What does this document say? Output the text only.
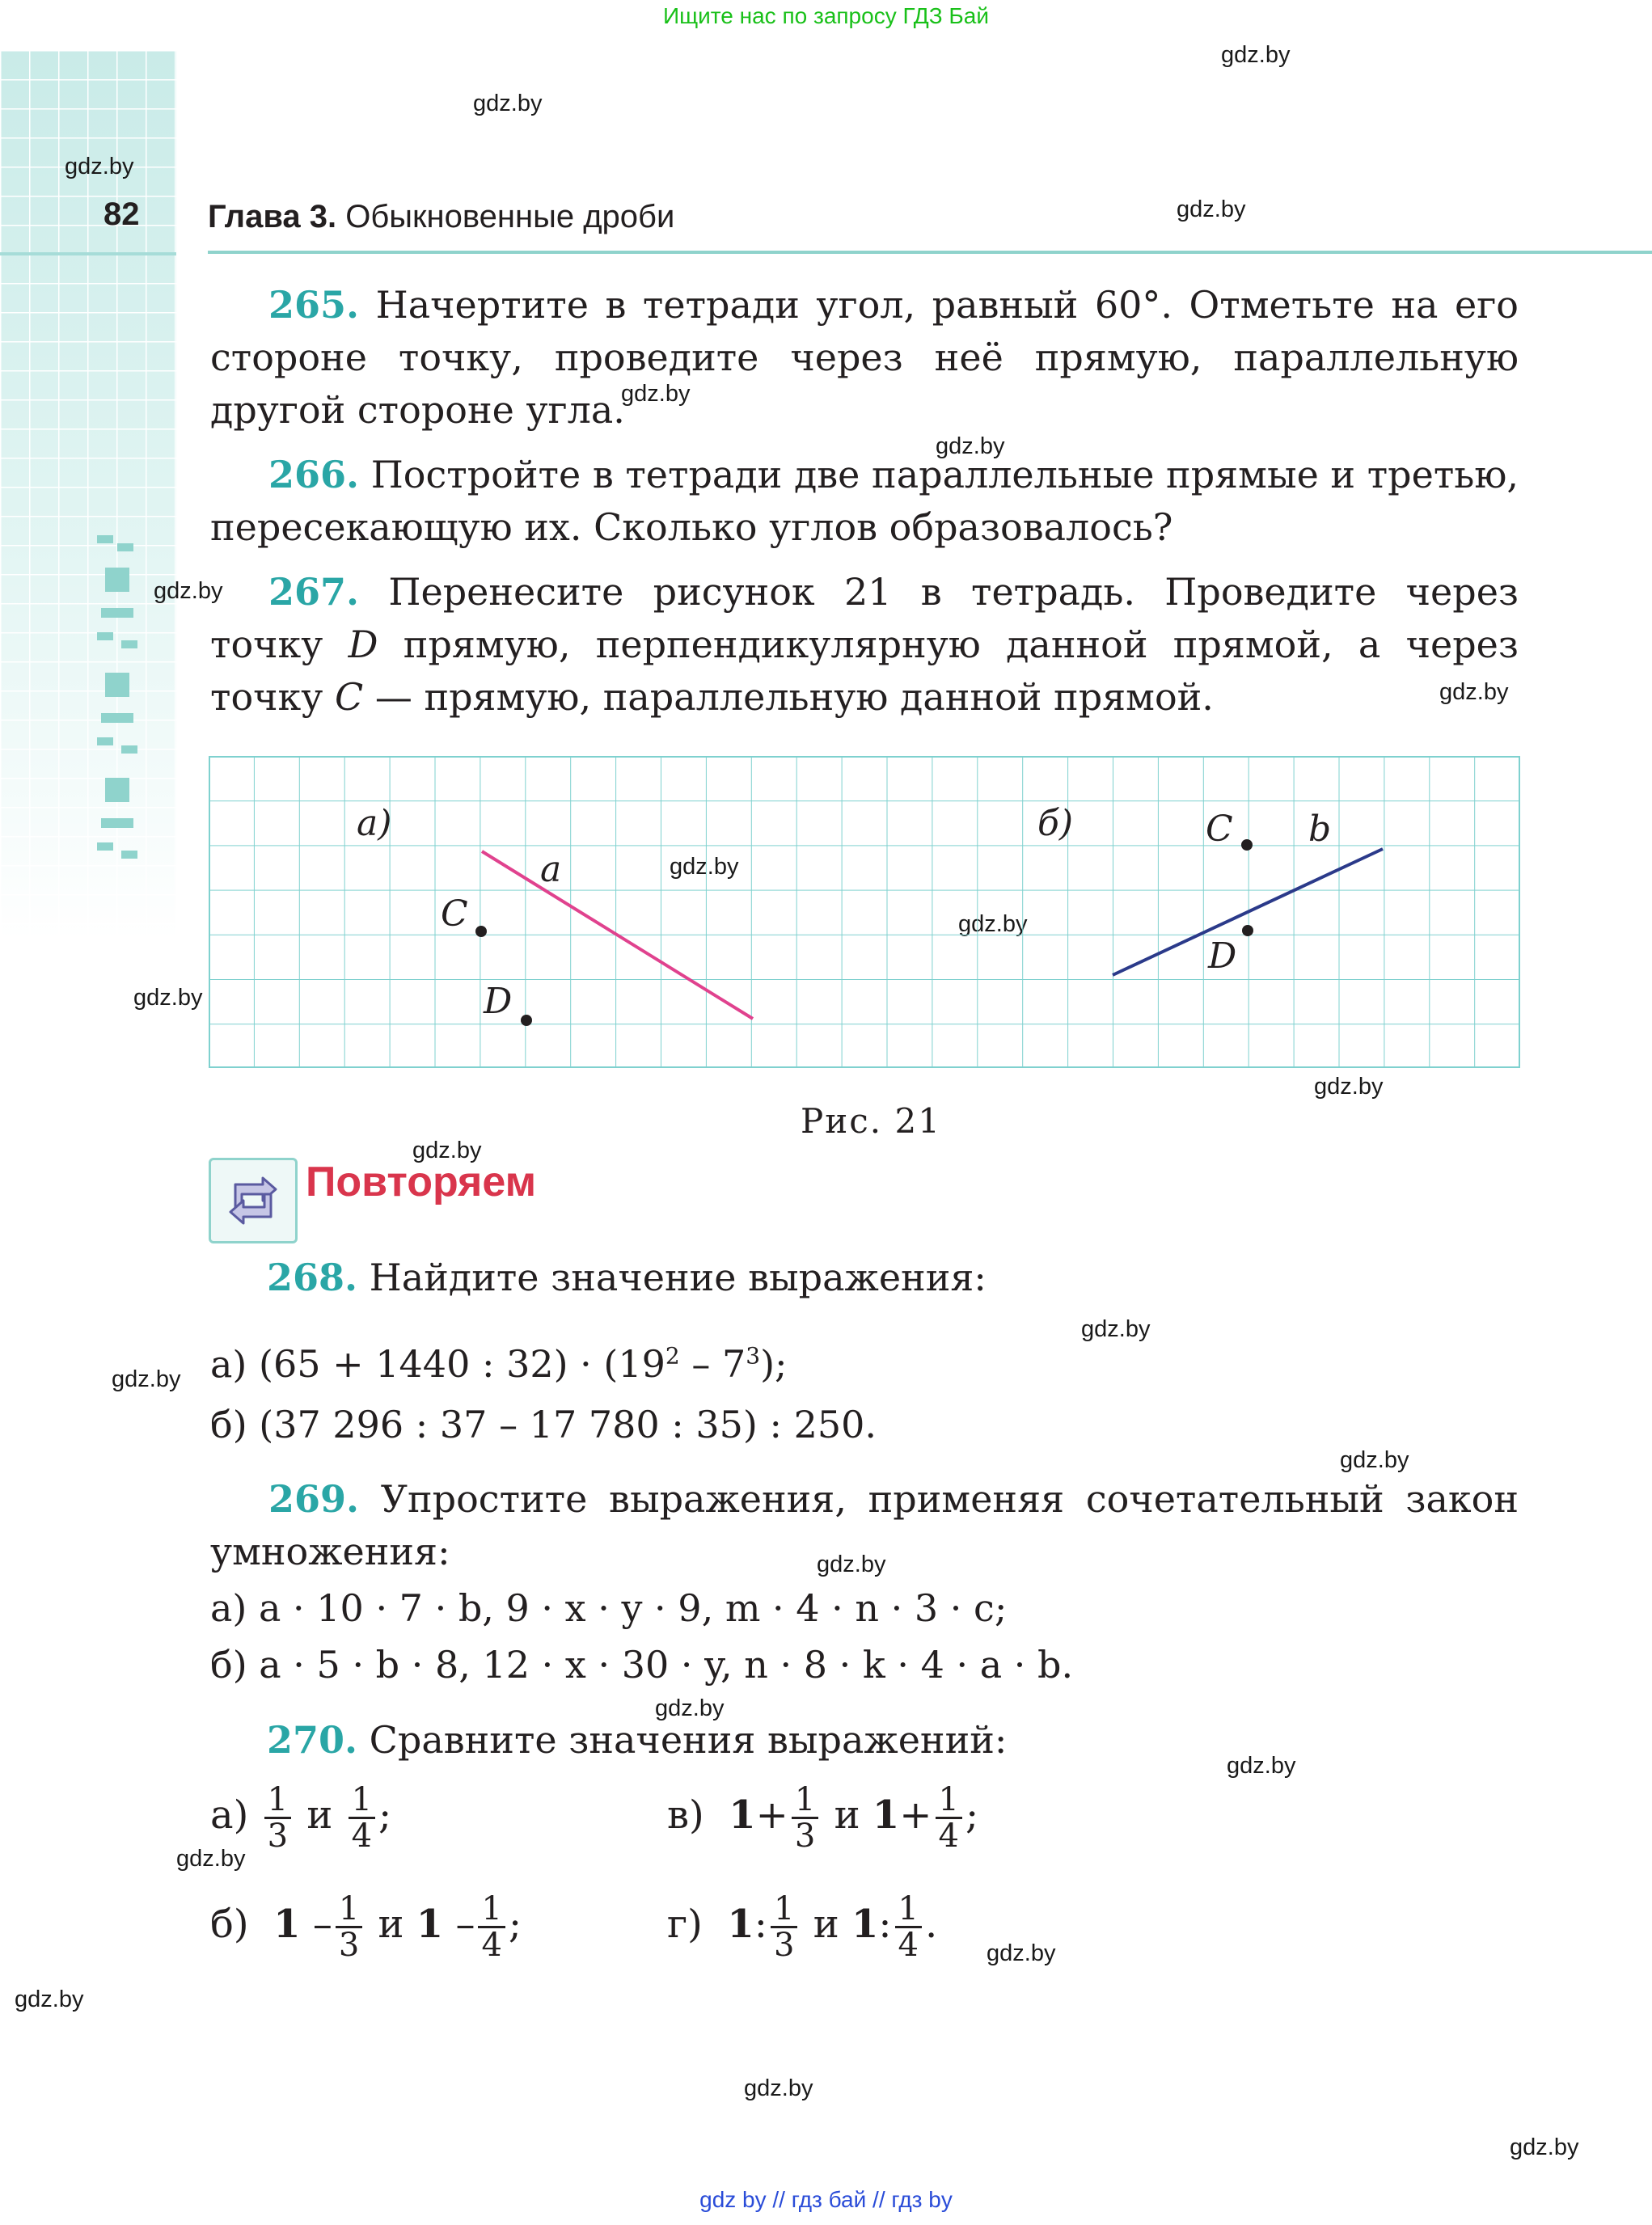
Ищите нас по запросу ГДЗ Бай
gdz.by
gdz.by
gdz.by
gdz.by
gdz.by
gdz.by
gdz.by
gdz.by
gdz.by
gdz.by
gdz.by
gdz.by
gdz.by
gdz.by
gdz.by
gdz.by
gdz.by
gdz.by
gdz.by
gdz.by
gdz.by
gdz.by
82 Глава 3. Обыкновенные дроби
265. Начертите в тетради угол, равный 60°. Отметьте на его стороне точку, проведите через неё прямую, параллельную другой стороне угла.
266. Постройте в тетради две параллельные прямые и третью, пересекающую их. Сколько углов образовалось?
267. Перенесите рисунок 21 в тетрадь. Проведите через точку D прямую, перпендикулярную данной прямой, а через точку C — прямую, параллельную данной прямой.
а)
a
C
D
б)	C b
D
Рис. 21
Повторяем
268. Найдите значение выражения:
а) (65 + 1440 : $32) \cdot (19^2 - 7^3)$;
б) (37 296 : 37 – 17 780 : 35) : 250.
269. Упростите выражения, применяя сочетательный закон умножения:
а) a · 10 · 7 · b, 9 · x · y · 9, m · 4 · n · 3 · c;
б) a · 5 · b · 8, 12 · x · 30 · y, n · 8 · k · 4 · a · b.
270. Сравните значения выражений:
$а) \frac{1}{3}$ и $\frac{1}{4}$ ;	в) $1+ \frac{1}{3}$ и $1+ \frac{1}{4}$ ;
б) $1 - \frac{1}{3}$ и $1 - \frac{1}{4}$ ;	г) 1: $\frac{1}{3}$ и 1: $\frac{1}{4}$ .
gdz by // гдз бай // гдз by
